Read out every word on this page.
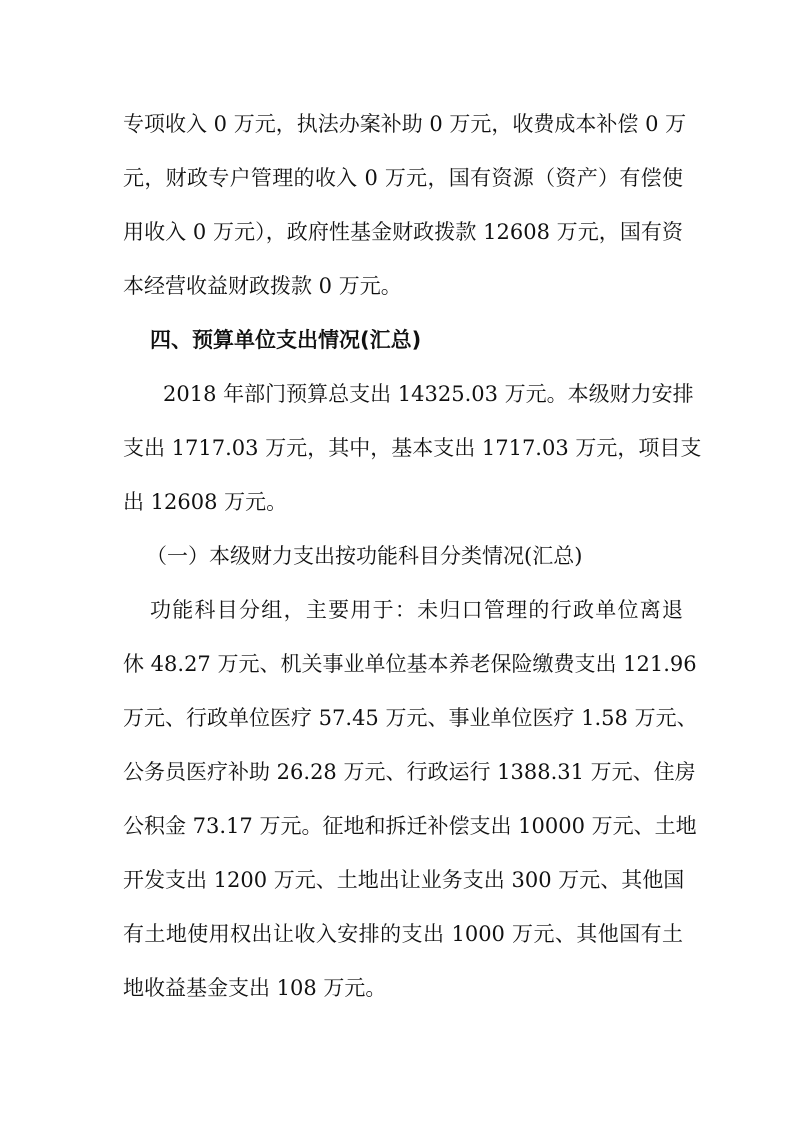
专项收入 0 万元，执法办案补助 0 万元，收费成本补偿 0 万
元，财政专户管理的收入 0 万元，国有资源（资产）有偿使
用收入 0 万元），政府性基金财政拨款 12608 万元，国有资
本经营收益财政拨款 0 万元。
四、预算单位支出情况(汇总)
2018 年部门预算总支出 14325.03 万元。本级财力安排
支出 1717.03 万元，其中，基本支出 1717.03 万元，项目支
出 12608 万元。
（一）本级财力支出按功能科目分类情况(汇总)
功能科目分组，主要用于：未归口管理的行政单位离退
休 48.27 万元、机关事业单位基本养老保险缴费支出 121.96
万元、行政单位医疗 57.45 万元、事业单位医疗 1.58 万元、
公务员医疗补助 26.28 万元、行政运行 1388.31 万元、住房
公积金 73.17 万元。征地和拆迁补偿支出 10000 万元、土地
开发支出 1200 万元、土地出让业务支出 300 万元、其他国
有土地使用权出让收入安排的支出 1000 万元、其他国有土
地收益基金支出 108 万元。
